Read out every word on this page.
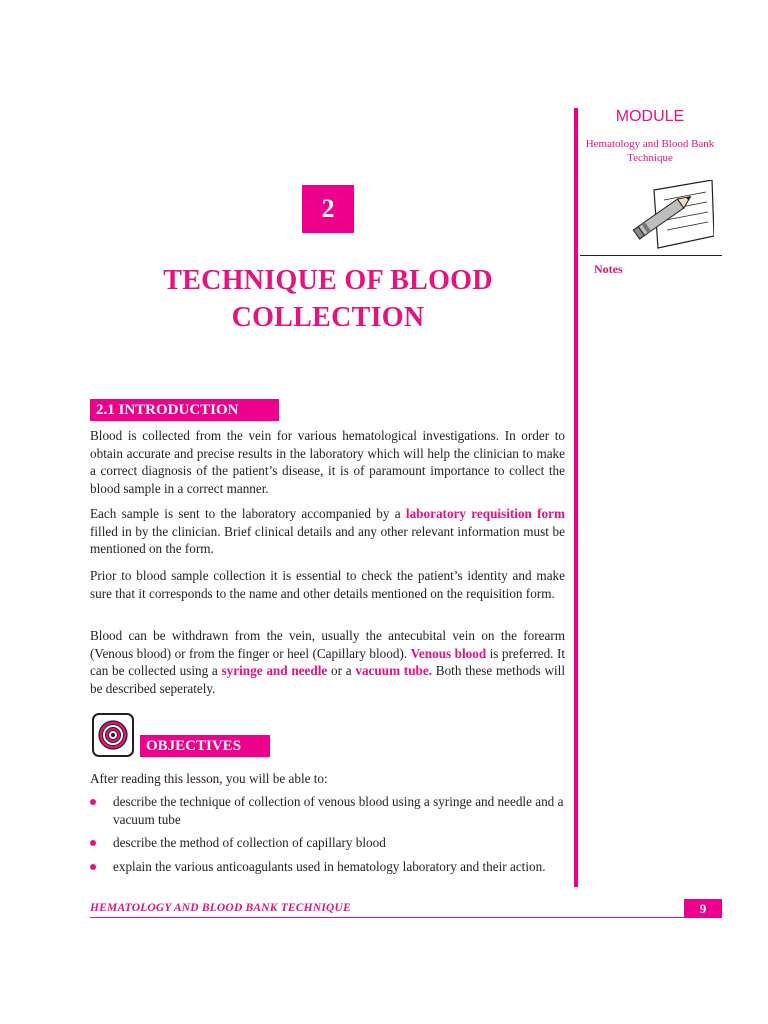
MODULE
Hematology and Blood Bank Technique
Notes
2
TECHNIQUE OF BLOOD COLLECTION
2.1 INTRODUCTION

Blood is collected from the vein for various hematological investigations. In order to obtain accurate and precise results in the laboratory which will help the clinician to make a correct diagnosis of the patient’s disease, it is of paramount importance to collect the blood sample in a correct manner.

Each sample is sent to the laboratory accompanied by a laboratory requisition form filled in by the clinician. Brief clinical details and any other relevant information must be mentioned on the form.

Prior to blood sample collection it is essential to check the patient’s identity and make sure that it corresponds to the name and other details mentioned on the requisition form.

Blood can be withdrawn from the vein, usually the antecubital vein on the forearm (Venous blood) or from the finger or heel (Capillary blood). Venous blood is preferred. It can be collected using a syringe and needle or a vacuum tube. Both these methods will be described seperately.

OBJECTIVES

After reading this lesson, you will be able to:

describe the technique of collection of venous blood using a syringe and needle and a vacuum tube
describe the method of collection of capillary blood
explain the various anticoagulants used in hematology laboratory and their action.
HEMATOLOGY AND BLOOD BANK TECHNIQUE	9
